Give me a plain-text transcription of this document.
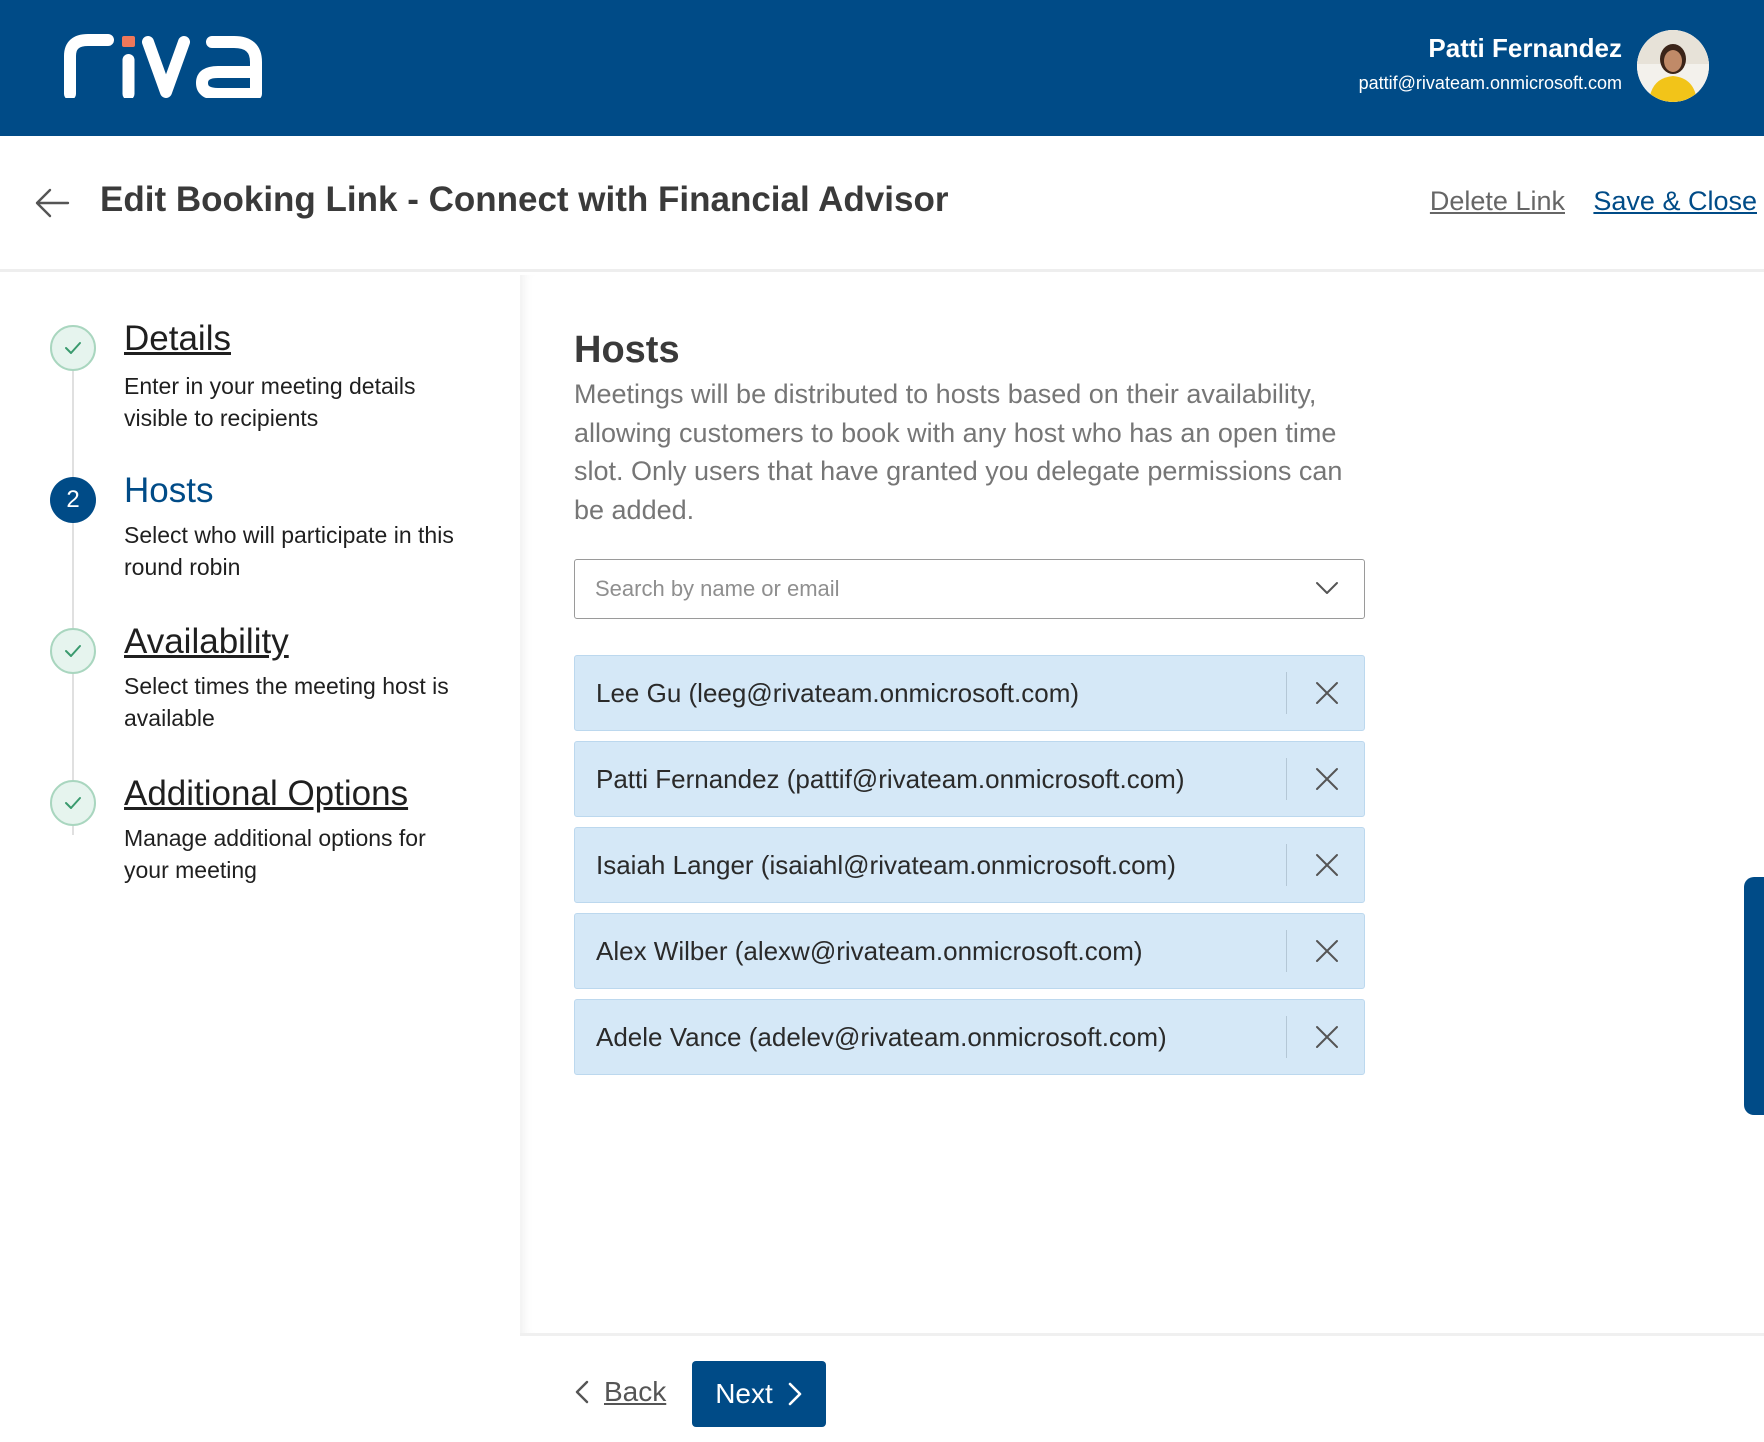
Patti Fernandez
pattif@rivateam.onmicrosoft.com
Edit Booking Link - Connect with Financial Advisor	Delete Link Save & Close
Details
Enter in your meeting details
visible to recipients
2	Hosts
Select who will participate in this
round robin
Availability
Select times the meeting host is
available
Additional Options
Manage additional options for
your meeting
Hosts
Meetings will be distributed to hosts based on their availability, allowing customers to book with any host who has an open time slot. Only users that have granted you delegate permissions can be added.
Search by name or email
Lee Gu (leeg@rivateam.onmicrosoft.com)
Patti Fernandez (pattif@rivateam.onmicrosoft.com)
Isaiah Langer (isaiahl@rivateam.onmicrosoft.com)
Alex Wilber (alexw@rivateam.onmicrosoft.com)
Adele Vance (adelev@rivateam.onmicrosoft.com)
Back Next
